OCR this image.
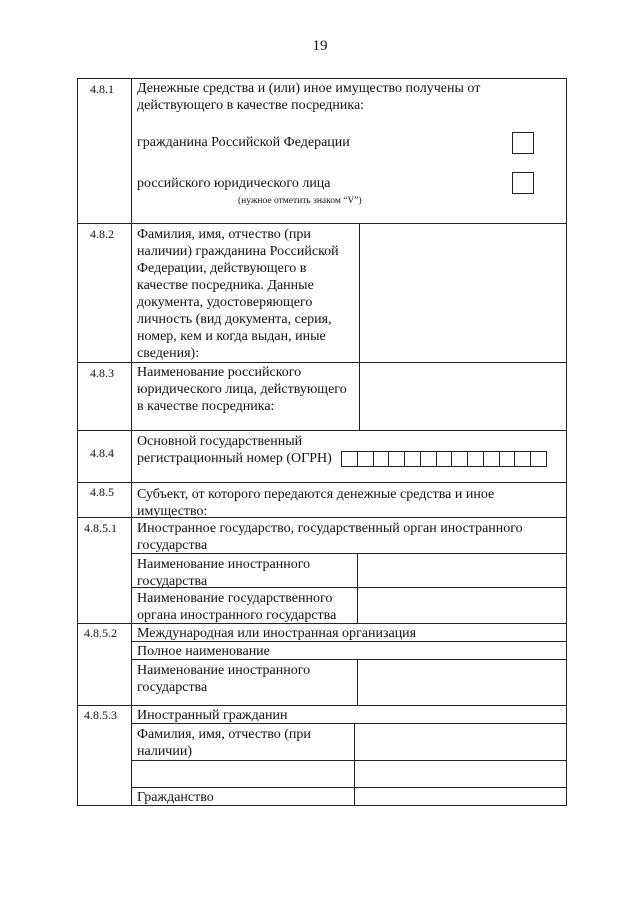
19
4.8.1 Денежные средства и (или) иное имущество получены от действующего в качестве посредника:
гражданина Российской Федерации
российского юридического лица
(нужное отметить знаком “V”)
4.8.2 Фамилия, имя, отчество (при наличии) гражданина Российской Федерации, действующего в качестве посредника. Данные документа, удостоверяющего личность (вид документа, серия, номер, кем и когда выдан, иные сведения):
4.8.3 Наименование российского юридического лица, действующего в качестве посредника:
4.8.4
Основной государственный регистрационный номер (ОГРН)
4.8.5 Субъект, от которого передаются денежные средства и иное имущество:
4.8.5.1 Иностранное государство, государственный орган иностранного государства
Наименование иностранного государства
Наименование государственного органа иностранного государства
4.8.5.2 Международная или иностранная организация
Полное наименование
Наименование иностранного государства
4.8.5.3 Иностранный гражданин
Фамилия, имя, отчество (при наличии)
Гражданство
